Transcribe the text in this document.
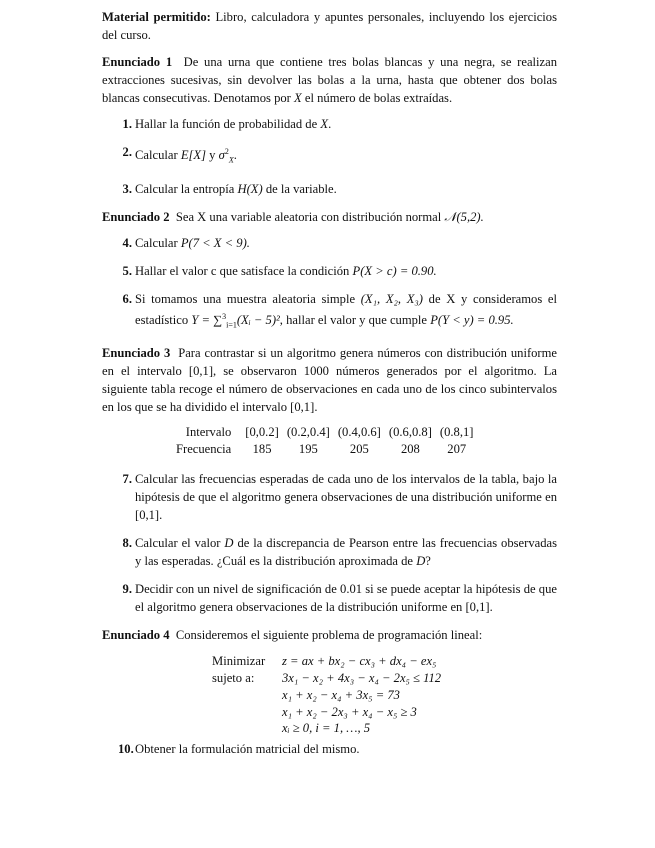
Material permitido: Libro, calculadora y apuntes personales, incluyendo los ejercicios del curso.

Enunciado 1 De una urna que contiene tres bolas blancas y una negra, se realizan extracciones sucesivas, sin devolver las bolas a la urna, hasta que obtener dos bolas blancas consecutivas. Denotamos por X el número de bolas extraídas.

1. Hallar la función de probabilidad de X.
2. Calcular E[X] y $\sigma^2_X$.
3. Calcular la entropía H(X) de la variable.

Enunciado 2 Sea X una variable aleatoria con distribución normal 𝒩(5,2).

4. Calcular P(7 < X < 9).
5. Hallar el valor c que satisface la condición P(X > c) = 0.90.
6. Si tomamos una muestra aleatoria simple (X₁, X₂, X₃) de X y consideramos el estadístico Y = ∑$^3_{i=1}$(Xᵢ − 5)², hallar el valor y que cumple P(Y < y) = 0.95.

Enunciado 3 Para contrastar si un algoritmo genera números con distribución uniforme en el intervalo [0,1], se observaron 1000 números generados por el algoritmo. La siguiente tabla recoge el número de observaciones en cada uno de los cinco subintervalos en los que se ha dividido el intervalo [0,1].

Intervalo	[0,0.2]	(0.2,0.4]	(0.4,0.6]	(0.6,0.8]	(0.8,1]
Frecuencia	185	195	205	208	207
7. Calcular las frecuencias esperadas de cada uno de los intervalos de la tabla, bajo la hipótesis de que el algoritmo genera observaciones de una distribución uniforme en [0,1].
8. Calcular el valor D de la discrepancia de Pearson entre las frecuencias observadas y las esperadas. ¿Cuál es la distribución aproximada de D?
9. Decidir con un nivel de significación de 0.01 si se puede aceptar la hipótesis de que el algoritmo genera observaciones de la distribución uniforme en [0,1].

Enunciado 4 Consideremos el siguiente problema de programación lineal:

Minimizar z = ax + bx₂ − cx₃ + dx₄ − ex₅
sujeto a: 3x₁ − x₂ + 4x₃ − x₄ − 2x₅ ≤ 112
x₁ + x₂ − x₄ + 3x₅ = 73
x₁ + x₂ − 2x₃ + x₄ − x₅ ≥ 3
xᵢ ≥ 0, i = 1, …, 5
10. Obtener la formulación matricial del mismo.
